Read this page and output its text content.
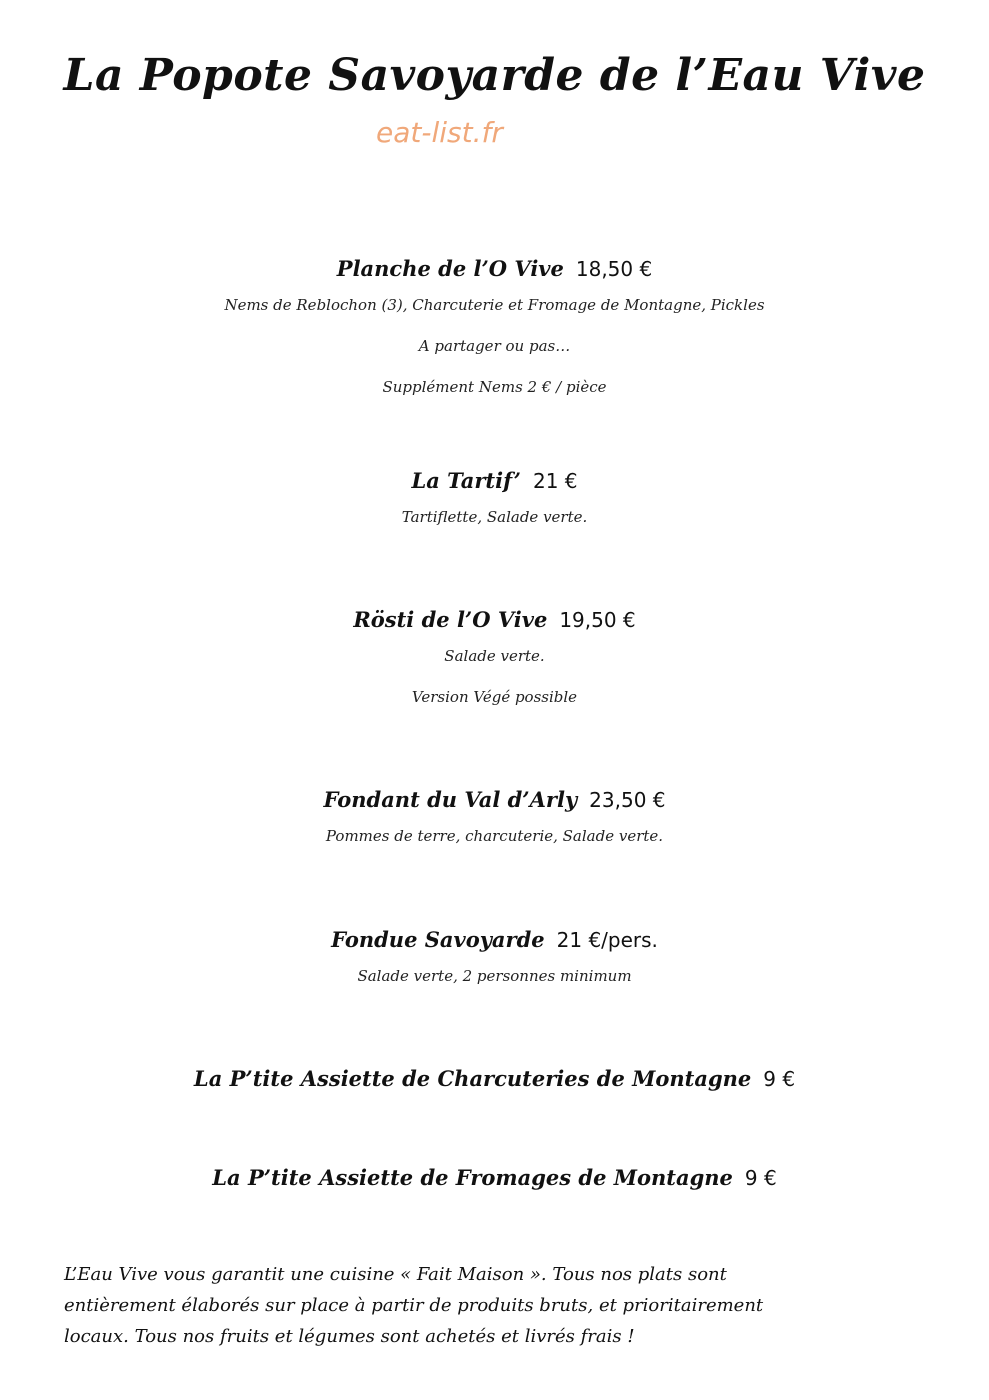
La Popote Savoyarde de l’Eau Vive
eat-list.fr
Planche de l’O Vive 18,50 €
Nems de Reblochon (3), Charcuterie et Fromage de Montagne, Pickles
A partager ou pas…
Supplément Nems 2 € / pièce
La Tartif’ 21 €
Tartiflette, Salade verte.
Rösti de l’O Vive 19,50 €
Salade verte.
Version Végé possible
Fondant du Val d’Arly 23,50 €
Pommes de terre, charcuterie, Salade verte.
Fondue Savoyarde 21 €/pers.
Salade verte, 2 personnes minimum
La P’tite Assiette de Charcuteries de Montagne 9 €
La P’tite Assiette de Fromages de Montagne 9 €
L’Eau Vive vous garantit une cuisine « Fait Maison ». Tous nos plats sont
entièrement élaborés sur place à partir de produits bruts, et prioritairement
locaux. Tous nos fruits et légumes sont achetés et livrés frais !
